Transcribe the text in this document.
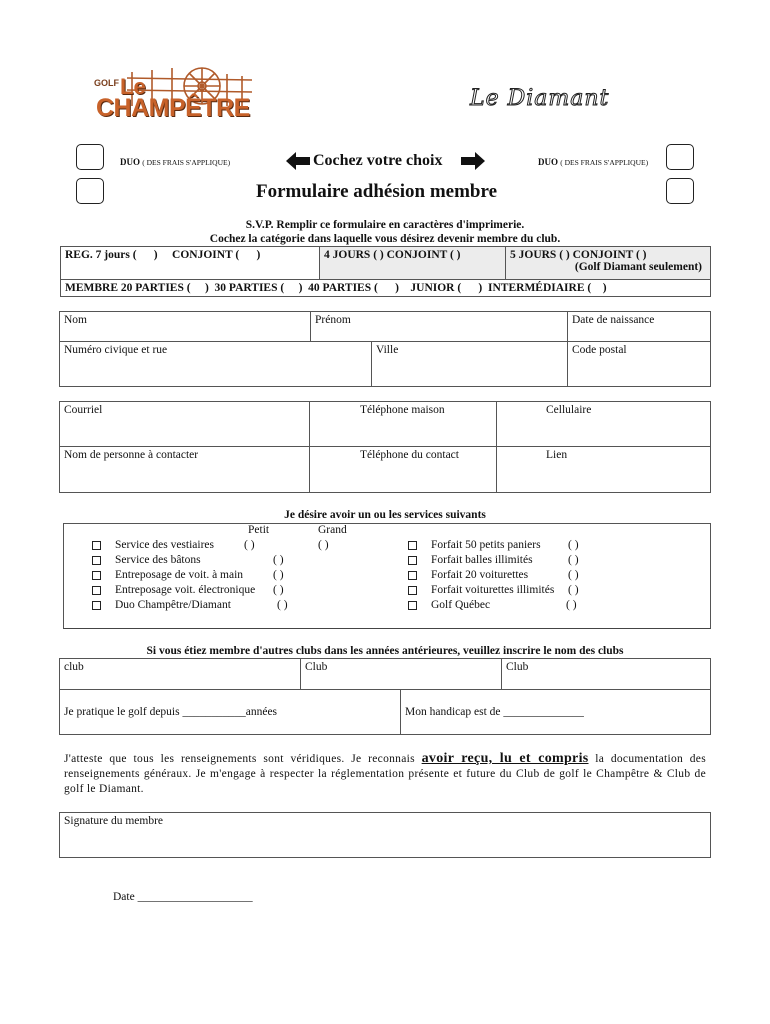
GOLF Le
CHAMPÊTRE	Le Diamant
DUO ( DES FRAIS S'APPLIQUE)	DUO ( DES FRAIS S'APPLIQUE)
Cochez votre choix
Formulaire adhésion membre
S.V.P. Remplir ce formulaire en caractères d'imprimerie.
Cochez la catégorie dans laquelle vous désirez devenir membre du club.
REG. 7 jours (      )     CONJOINT (      )	4 JOURS ( ) CONJOINT ( )	5 JOURS ( ) CONJOINT ( )
(Golf Diamant seulement)
MEMBRE 20 PARTIES (     )  30 PARTIES (     )  40 PARTIES (      )    JUNIOR (      )  INTERMÉDIAIRE (    )
Nom	Prénom	Date de naissance
Numéro civique et rue	Ville	Code postal
Courriel	Téléphone maison	Cellulaire
Nom de personne à contacter	Téléphone du contact	Lien
Je désire avoir un ou les services suivants
Petit	Grand
Service des vestiaires	( )	( )
Service des bâtons	( )
Entreposage de voit. à main	( )
Entreposage voit. électronique ( )
Duo Champêtre/Diamant	( )
Forfait 50 petits paniers ( )
Forfait balles illimités	( )
Forfait 20 voiturettes	( )
Forfait voiturettes illimités ( )
Golf Québec	( )
Si vous étiez membre d'autres clubs dans les années antérieures, veuillez inscrire le nom des clubs
club	Club	Club
Je pratique le golf depuis ___________années	Mon handicap est de ______________
J'atteste que tous les renseignements sont véridiques. Je reconnais avoir reçu, lu et compris la documentation des renseignements généraux. Je m'engage à respecter la réglementation présente et future du Club de golf le Champêtre & Club de golf le Diamant.
Signature du membre
Date ____________________
